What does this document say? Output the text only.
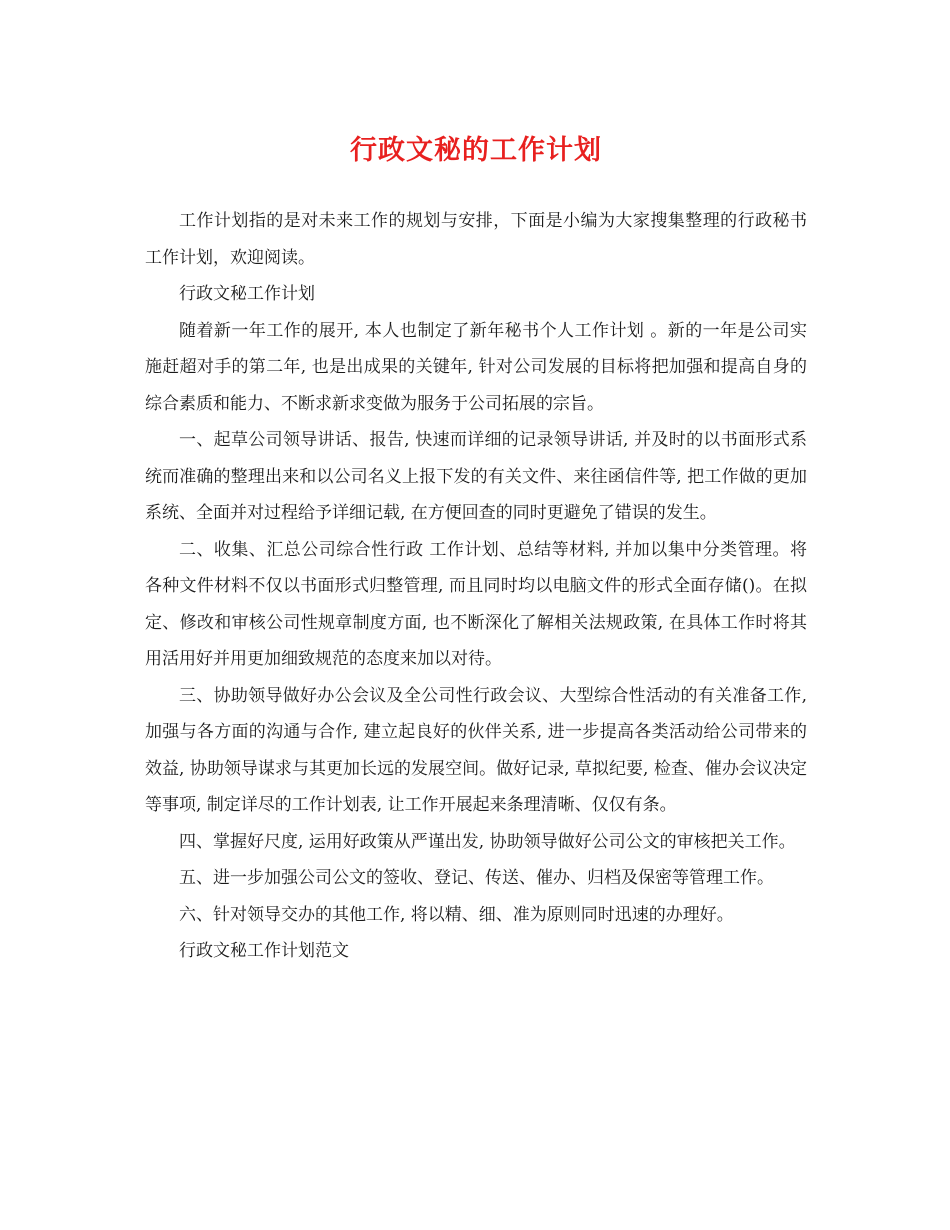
行政文秘的工作计划

工作计划指的是对未来工作的规划与安排，下面是小编为大家搜集整理的行政秘书工作计划，欢迎阅读。

行政文秘工作计划

随着新一年工作的展开, 本人也制定了新年秘书个人工作计划 。新的一年是公司实施赶超对手的第二年, 也是出成果的关键年, 针对公司发展的目标将把加强和提高自身的综合素质和能力、不断求新求变做为服务于公司拓展的宗旨。

一、起草公司领导讲话、报告, 快速而详细的记录领导讲话, 并及时的以书面形式系统而准确的整理出来和以公司名义上报下发的有关文件、来往函信件等, 把工作做的更加系统、全面并对过程给予详细记载, 在方便回查的同时更避免了错误的发生。

二、收集、汇总公司综合性行政 工作计划、总结等材料, 并加以集中分类管理。将各种文件材料不仅以书面形式归整管理, 而且同时均以电脑文件的形式全面存储()。在拟定、修改和审核公司性规章制度方面, 也不断深化了解相关法规政策, 在具体工作时将其用活用好并用更加细致规范的态度来加以对待。

三、协助领导做好办公会议及全公司性行政会议、大型综合性活动的有关准备工作, 加强与各方面的沟通与合作, 建立起良好的伙伴关系, 进一步提高各类活动给公司带来的效益, 协助领导谋求与其更加长远的发展空间。做好记录, 草拟纪要, 检查、催办会议决定等事项, 制定详尽的工作计划表, 让工作开展起来条理清晰、仅仅有条。

四、掌握好尺度, 运用好政策从严谨出发, 协助领导做好公司公文的审核把关工作。

五、进一步加强公司公文的签收、登记、传送、催办、归档及保密等管理工作。

六、针对领导交办的其他工作, 将以精、细、准为原则同时迅速的办理好。

行政文秘工作计划范文
